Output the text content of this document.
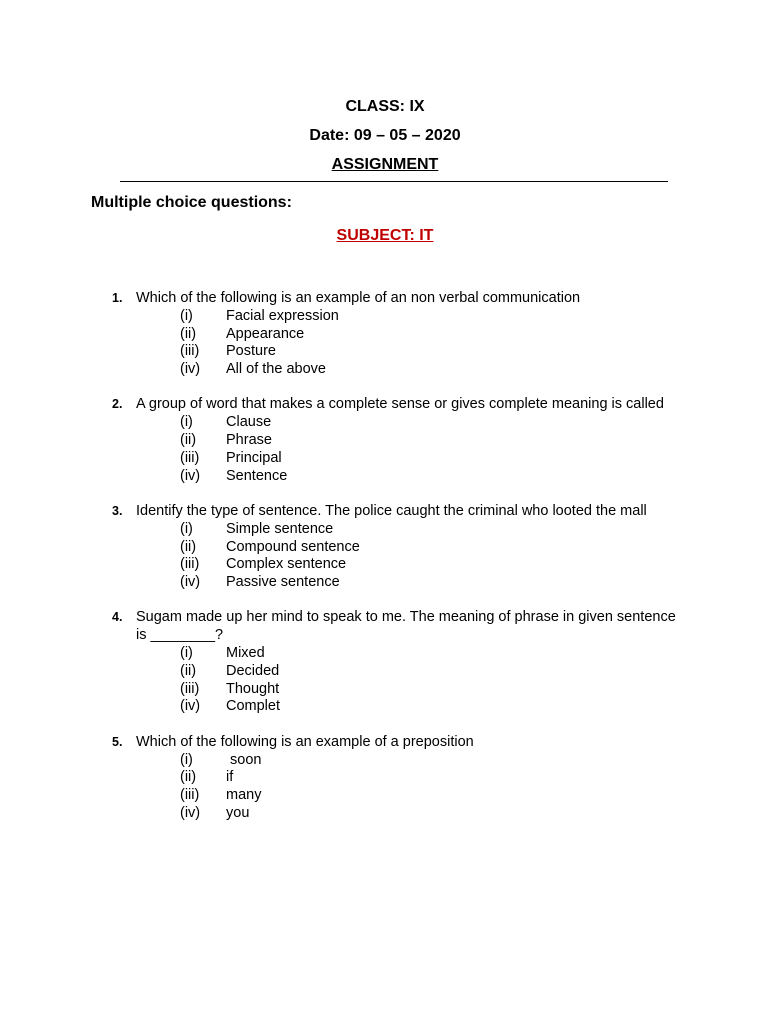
CLASS: IX
Date: 09 – 05 – 2020
ASSIGNMENT
Multiple choice questions:
SUBJECT: IT
1. Which of the following is an example of an non verbal communication
(i) Facial expression
(ii) Appearance
(iii) Posture
(iv) All of the above
2. A group of word that makes a complete sense or gives complete meaning is called
(i) Clause
(ii) Phrase
(iii) Principal
(iv) Sentence
3. Identify the type of sentence. The police caught the criminal who looted the mall
(i) Simple sentence
(ii) Compound sentence
(iii) Complex sentence
(iv) Passive sentence
4. Sugam made up her mind to speak to me. The meaning of phrase in given sentence is ________?
(i) Mixed
(ii) Decided
(iii) Thought
(iv) Complet
5. Which of the following is an example of a preposition
(i) soon
(ii) if
(iii) many
(iv) you
